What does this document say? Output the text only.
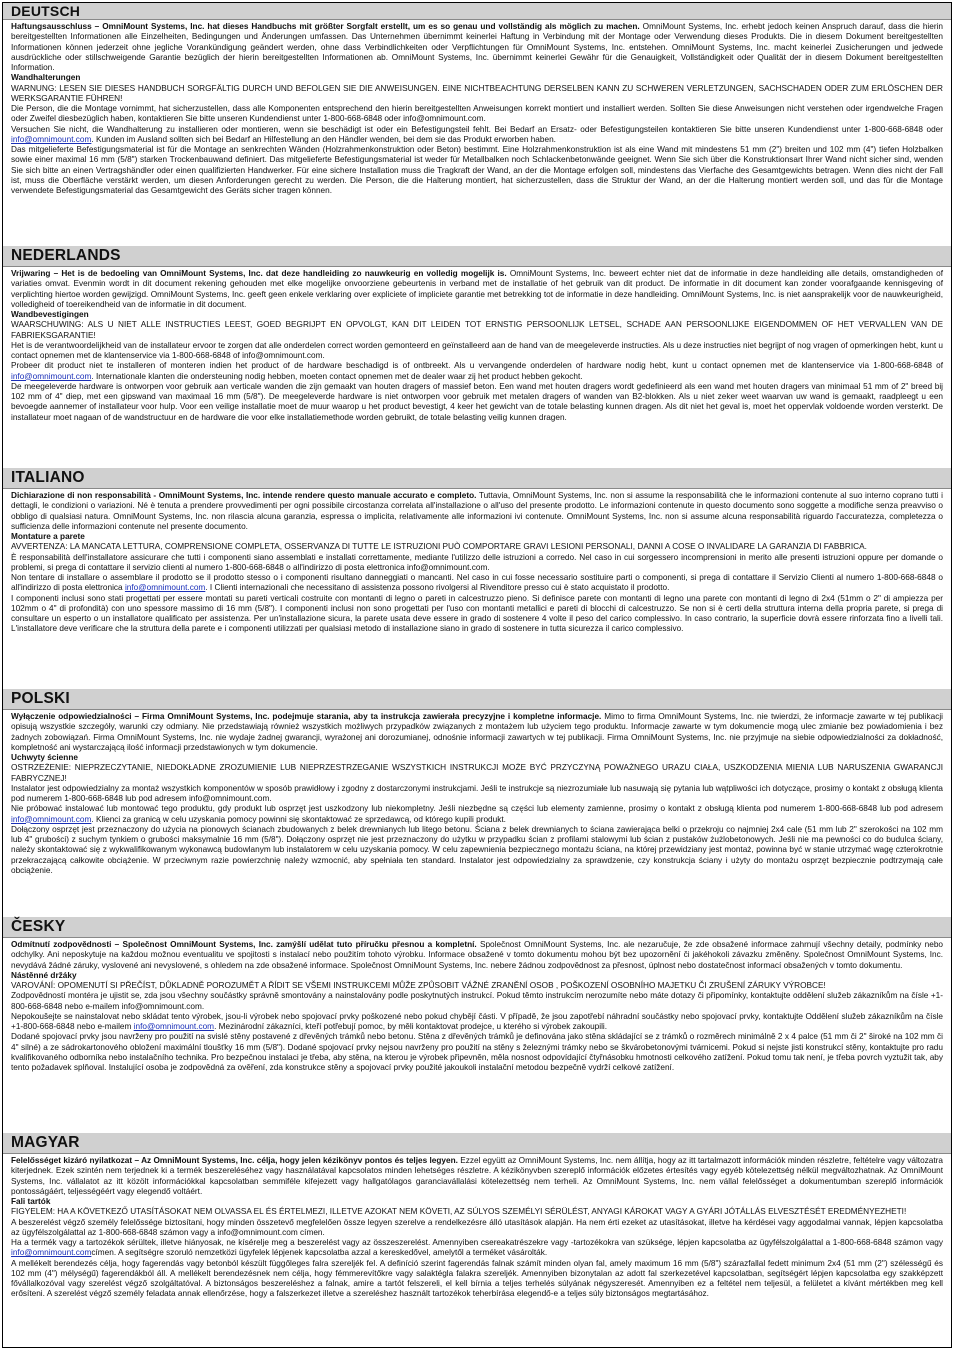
DEUTSCH

Haftungsausschluss – OmniMount Systems, Inc. hat dieses Handbuchs mit größter Sorgfalt erstellt, um es so genau und vollständig als möglich zu machen. OmniMount Systems, Inc. erhebt jedoch keinen Anspruch darauf, dass die hierin bereitgestellten Informationen alle Einzelheiten, Bedingungen und Änderungen umfassen. Das Unternehmen übernimmt keinerlei Haftung in Verbindung mit der Montage oder Verwendung dieses Produkts. Die in diesem Dokument bereitgestellten Informationen können jederzeit ohne jegliche Vorankündigung geändert werden, ohne dass Verbindlichkeiten oder Verpflichtungen für OmniMount Systems, Inc. entstehen. OmniMount Systems, Inc. macht keinerlei Zusicherungen und jedwede ausdrückliche oder stillschweigende Garantie bezüglich der hierin bereitgestellten Informationen ab. OmniMount Systems, Inc. übernimmt keinerlei Gewähr für die Genauigkeit, Vollständigkeit oder Qualität der in diesem Dokument bereitgestellten Information.

Wandhalterungen

WARNUNG: LESEN SIE DIESES HANDBUCH SORGFÄLTIG DURCH UND BEFOLGEN SIE DIE ANWEISUNGEN. EINE NICHTBEACHTUNG DERSELBEN KANN ZU SCHWEREN VERLETZUNGEN, SACHSCHADEN ODER ZUM ERLÖSCHEN DER WERKSGARANTIE FÜHREN!

Die Person, die die Montage vornimmt, hat sicherzustellen, dass alle Komponenten entsprechend den hierin bereitgestellten Anweisungen korrekt montiert und installiert werden. Sollten Sie diese Anweisungen nicht verstehen oder irgendwelche Fragen oder Zweifel diesbezüglich haben, kontaktieren Sie bitte unseren Kundendienst unter 1-800-668-6848 oder info@omnimount.com.

Versuchen Sie nicht, die Wandhalterung zu installieren oder montieren, wenn sie beschädigt ist oder ein Befestigungsteil fehlt. Bei Bedarf an Ersatz- oder Befestigungsteilen kontaktieren Sie bitte unseren Kundendienst unter 1-800-668-6848 oder info@omnimount.com. Kunden im Ausland sollten sich bei Bedarf an Hilfestellung an den Händler wenden, bei dem sie das Produkt erworben haben.

Das mitgelieferte Befestigungsmaterial ist für die Montage an senkrechten Wänden (Holzrahmenkonstruktion oder Beton) bestimmt. Eine Holzrahmenkonstruktion ist als eine Wand mit mindestens 51 mm (2") breiten und 102 mm (4") tiefen Holzbalken sowie einer maximal 16 mm (5/8") starken Trockenbauwand definiert. Das mitgelieferte Befestigungsmaterial ist weder für Metallbalken noch Schlackenbetonwände geeignet. Wenn Sie sich über die Konstruktionsart Ihrer Wand nicht sicher sind, wenden Sie sich bitte an einen Vertragshändler oder einen qualifizierten Handwerker. Für eine sichere Installation muss die Tragkraft der Wand, an der die Montage erfolgen soll, mindestens das Vierfache des Gesamtgewichts betragen. Wenn dies nicht der Fall ist, muss die Oberfläche verstärkt werden, um diesen Anforderungen gerecht zu werden. Die Person, die die Halterung montiert, hat sicherzustellen, dass die Struktur der Wand, an der die Halterung montiert werden soll, und das für die Montage verwendete Befestigungsmaterial das Gesamtgewicht des Geräts sicher tragen können.

NEDERLANDS

Vrijwaring – Het is de bedoeling van OmniMount Systems, Inc. dat deze handleiding zo nauwkeurig en volledig mogelijk is. OmniMount Systems, Inc. beweert echter niet dat de informatie in deze handleiding alle details, omstandigheden of variaties omvat. Evenmin wordt in dit document rekening gehouden met elke mogelijke onvoorziene gebeurtenis in verband met de installatie of het gebruik van dit product. De informatie in dit document kan zonder voorafgaande kennisgeving of verplichting hiertoe worden gewijzigd. OmniMount Systems, Inc. geeft geen enkele verklaring over expliciete of impliciete garantie met betrekking tot de informatie in deze handleiding. OmniMount Systems, Inc. is niet aansprakelijk voor de nauwkeurigheid, volledigheid of toereikendheid van de informatie in dit document.

Wandbevestigingen

WAARSCHUWING: ALS U NIET ALLE INSTRUCTIES LEEST, GOED BEGRIJPT EN OPVOLGT, KAN DIT LEIDEN TOT ERNSTIG PERSOONLIJK LETSEL, SCHADE AAN PERSOONLIJKE EIGENDOMMEN OF HET VERVALLEN VAN DE FABRIEKSGARANTIE!

Het is de verantwoordelijkheid van de installateur ervoor te zorgen dat alle onderdelen correct worden gemonteerd en geïnstalleerd aan de hand van de meegeleverde instructies. Als u deze instructies niet begrijpt of nog vragen of opmerkingen hebt, kunt u contact opnemen met de klantenservice via 1-800-668-6848 of info@omnimount.com.

Probeer dit product niet te installeren of monteren indien het product of de hardware beschadigd is of ontbreekt. Als u vervangende onderdelen of hardware nodig hebt, kunt u contact opnemen met de klantenservice via 1-800-668-6848 of info@omnimount.com. Internationale klanten die ondersteuning nodig hebben, moeten contact opnemen met de dealer waar zij het product hebben gekocht.

De meegeleverde hardware is ontworpen voor gebruik aan verticale wanden die zijn gemaakt van houten dragers of massief beton. Een wand met houten dragers wordt gedefinieerd als een wand met houten dragers van minimaal 51 mm of 2" breed bij 102 mm of 4" diep, met een gipswand van maximaal 16 mm (5/8"). De meegeleverde hardware is niet ontworpen voor gebruik met metalen dragers of wanden van B2-blokken. Als u niet zeker weet waarvan uw wand is gemaakt, raadpleegt u een bevoegde aannemer of installateur voor hulp. Voor een veilige installatie moet de muur waarop u het product bevestigt, 4 keer het gewicht van de totale belasting kunnen dragen. Als dit niet het geval is, moet het oppervlak voldoende worden versterkt. De installateur moet nagaan of de wandstructuur en de hardware die voor elke installatiemethode worden gebruikt, de totale belasting veilig kunnen dragen.

ITALIANO

Dichiarazione di non responsabilità - OmniMount Systems, Inc. intende rendere questo manuale accurato e completo. Tuttavia, OmniMount Systems, Inc. non si assume la responsabilità che le informazioni contenute al suo interno coprano tutti i dettagli, le condizioni o variazioni. Né è tenuta a prendere provvedimenti per ogni possibile circostanza correlata all'installazione o all'uso del presente prodotto. Le informazioni contenute in questo documento sono soggette a modifiche senza preavviso o obbligo di qualsiasi natura. OmniMount Systems, Inc. non rilascia alcuna garanzia, espressa o implicita, relativamente alle informazioni ivi contenute. OmniMount Systems, Inc. non si assume alcuna responsabilità riguardo l'accuratezza, completezza o sufficienza delle informazioni contenute nel presente documento.

Montature a parete

AVVERTENZA: LA MANCATA LETTURA, COMPRENSIONE COMPLETA, OSSERVANZA DI TUTTE LE ISTRUZIONI PUÒ COMPORTARE GRAVI LESIONI PERSONALI, DANNI A COSE O INVALIDARE LA GARANZIA DI FABBRICA.

È responsabilità dell'installatore assicurare che tutti i componenti siano assemblati e installati correttamente, mediante l'utilizzo delle istruzioni a corredo. Nel caso in cui sorgessero incomprensioni in merito alle presenti istruzioni oppure per domande o problemi, si prega di contattare il servizio clienti al numero 1-800-668-6848 o all'indirizzo di posta elettronica info@omnimount.com.

Non tentare di installare o assemblare il prodotto se il prodotto stesso o i componenti risultano danneggiati o mancanti. Nel caso in cui fosse necessario sostituire parti o componenti, si prega di contattare il Servizio Clienti al numero 1-800-668-6848 o all'indirizzo di posta elettronica info@omnimount.com. I Clienti internazionali che necessitano di assistenza possono rivolgersi al Rivenditore presso cui è stato acquistato il prodotto.

I componenti inclusi sono stati progettati per essere montati su pareti verticali costruite con montanti di legno o pareti in calcestruzzo pieno. Si definisce parete con montanti di legno una parete con montanti di legno di 2x4 (51mm o 2" di ampiezza per 102mm o 4" di profondità) con uno spessore massimo di 16 mm (5/8"). I componenti inclusi non sono progettati per l'uso con montanti metallici e pareti di blocchi di calcestruzzo. Se non si è certi della struttura interna della propria parete, si prega di consultare un esperto o un installatore qualificato per assistenza. Per un'installazione sicura, la parete usata deve essere in grado di sostenere 4 volte il peso del carico complessivo. In caso contrario, la superficie dovrà essere rinforzata fino a livelli tali. L'installatore deve verificare che la struttura della parete e i componenti utilizzati per qualsiasi metodo di installazione siano in grado di sostenere in tutta sicurezza il carico complessivo.

POLSKI

Wyłączenie odpowiedzialności – Firma OmniMount Systems, Inc. podejmuje starania, aby ta instrukcja zawierała precyzyjne i kompletne informacje. Mimo to firma OmniMount Systems, Inc. nie twierdzi, że informacje zawarte w tej publikacji opisują wszystkie szczegóły, warunki czy odmiany. Nie przedstawiają również wszystkich możliwych przypadków związanych z montażem lub użyciem tego produktu. Informacje zawarte w tym dokumencie mogą ulec zmianie bez powiadomienia i bez żadnych zobowiązań. Firma OmniMount Systems, Inc. nie wydaje żadnej gwarancji, wyrażonej ani dorozumianej, odnośnie informacji zawartych w tej publikacji. Firma OmniMount Systems, Inc. nie przyjmuje na siebie odpowiedzialności za dokładność, kompletność ani wystarczającą ilość informacji przedstawionych w tym dokumencie.

Uchwyty ścienne

OSTRZEŻENIE: NIEPRZECZYTANIE, NIEDOKŁADNE ZROZUMIENIE LUB NIEPRZESTRZEGANIE WSZYSTKICH INSTRUKCJI MOŻE BYĆ PRZYCZYNĄ POWAŻNEGO URAZU CIAŁA, USZKODZENIA MIENIA LUB NARUSZENIA GWARANCJI FABRYCZNEJ!

Instalator jest odpowiedzialny za montaż wszystkich komponentów w sposób prawidłowy i zgodny z dostarczonymi instrukcjami. Jeśli te instrukcje są niezrozumiałe lub nasuwają się pytania lub wątpliwości ich dotyczące, prosimy o kontakt z obsługą klienta pod numerem 1-800-668-6848 lub pod adresem info@omnimount.com.

Nie próbować instalować lub montować tego produktu, gdy produkt lub osprzęt jest uszkodzony lub niekompletny. Jeśli niezbędne są części lub elementy zamienne, prosimy o kontakt z obsługą klienta pod numerem 1-800-668-6848 lub pod adresem info@omnimount.com. Klienci za granicą w celu uzyskania pomocy powinni się skontaktować ze sprzedawcą, od którego kupili produkt.

Dołączony osprzęt jest przeznaczony do użycia na pionowych ścianach zbudowanych z belek drewnianych lub litego betonu. Ściana z belek drewnianych to ściana zawierająca belki o przekroju co najmniej 2x4 cale (51 mm lub 2" szerokości na 102 mm lub 4" grubości) z suchym tynkiem o grubości maksymalnie 16 mm (5/8"). Dołączony osprzęt nie jest przeznaczony do użytku w przypadku ścian z profilami stalowymi lub ścian z pustaków żużlobetonowych. Jeśli nie ma pewności co do budulca ściany, należy skontaktować się z wykwalifikowanym wykonawcą budowlanym lub instalatorem w celu uzyskania pomocy. W celu zapewnienia bezpiecznego montażu ściana, na której przewidziany jest montaż, powinna być w stanie utrzymać wagę czterokrotnie przekraczającą całkowite obciążenie. W przeciwnym razie powierzchnię należy wzmocnić, aby spełniała ten standard. Instalator jest odpowiedzialny za sprawdzenie, czy konstrukcja ściany i użyty do montażu osprzęt bezpiecznie podtrzymają całe obciążenie.

ČESKY

Odmítnutí zodpovědnosti – Společnost OmniMount Systems, Inc. zamýšlí udělat tuto příručku přesnou a kompletní. Společnost OmniMount Systems, Inc. ale nezaručuje, že zde obsažené informace zahrnují všechny detaily, podmínky nebo odchylky. Ani neposkytuje na každou možnou eventualitu ve spojitosti s instalací nebo použitím tohoto výrobku. Informace obsažené v tomto dokumentu mohou být bez upozornění či jakéhokoli závazku změněny. Společnost OmniMount Systems, Inc. nevydává žádné záruky, vyslovené ani nevyslovené, s ohledem na zde obsažené informace. Společnost OmniMount Systems, Inc. nebere žádnou zodpovědnost za přesnost, úplnost nebo dostatečnost informací obsažených v tomto dokumentu.

Nástěnné držáky

VAROVÁNÍ: OPOMENUTÍ SI PŘEČÍST, DŮKLADNĚ POROZUMĚT A ŘÍDIT SE VŠEMI INSTRUKCEMI MŮŽE ZPŮSOBIT VÁŽNÉ ZRANĚNÍ OSOB , POŠKOZENÍ OSOBNÍHO MAJETKU ČI ZRUŠENÍ ZÁRUKY VÝROBCE!

Zodpovědností montéra je ujistit se, zda jsou všechny součástky správně smontovány a nainstalovány podle poskytnutých instrukcí. Pokud těmto instrukcím nerozumíte nebo máte dotazy či připomínky, kontaktujte oddělení služeb zákazníkům na čísle +1-800-668-6848 nebo e-mailem info@omnimount.com.

Nepokoušejte se nainstalovat nebo skládat tento výrobek, jsou-li výrobek nebo spojovací prvky poškozené nebo pokud chybějí části. V případě, že jsou zapotřebí náhradní součástky nebo spojovací prvky, kontaktujte Oddělení služeb zákazníkům na čísle +1-800-668-6848 nebo e-mailem info@omnimount.com. Mezinárodní zákazníci, kteří potřebují pomoc, by měli kontaktovat prodejce, u kterého si výrobek zakoupili.

Dodané spojovací prvky jsou navrženy pro použití na svislé stěny postavené z dřevěných trámků nebo betonu. Stěna z dřevěných trámků je definována jako stěna skládající se z trámků o rozměrech minimálně 2 x 4 palce (51 mm či 2" široké na 102 mm či 4" silné) a ze sádrokartonového obložení maximální tloušťky 16 mm (5/8"). Dodané spojovací prvky nejsou navrženy pro použití na stěny s železnými trámky nebo se škvárobetonovými tvárnicemi. Pokud si nejste jisti konstrukcí stěny, kontaktujte pro radu kvalifikovaného odborníka nebo instalačního technika. Pro bezpečnou instalaci je třeba, aby stěna, na kterou je výrobek připevněn, měla nosnost odpovídající čtyřnásobku hmotnosti celkového zatížení. Pokud tomu tak není, je třeba povrch vyztužit tak, aby tento požadavek splňoval. Instalující osoba je zodpovědná za ověření, zda konstrukce stěny a spojovací prvky použité jakoukoli instalační metodou bezpečně vydrží celkové zatížení.

MAGYAR

Felelősséget kizáró nyilatkozat – Az OmniMount Systems, Inc. célja, hogy jelen kézikönyv pontos és teljes legyen. Ezzel együtt az OmniMount Systems, Inc. nem állítja, hogy az itt tartalmazott információk minden részletre, feltételre vagy változatra kiterjednek. Ezek szintén nem terjednek ki a termék beszereléséhez vagy használatával kapcsolatos minden lehetséges részletre. A kézikönyvben szereplő információk előzetes értesítés vagy egyéb kötelezettség nélkül megváltozhatnak. Az OmniMount Systems, Inc. vállalatot az itt közölt információkkal kapcsolatban semmiféle kifejezett vagy hallgatólagos garanciavállalási kötelezettség nem terheli. Az OmniMount Systems, Inc. nem vállal felelősséget a dokumentumban szereplő információk pontosságáért, teljességéért vagy elegendő voltáért.

Fali tartók

FIGYELEM: HA A KÖVETKEZŐ UTASÍTÁSOKAT NEM OLVASSA EL ÉS ÉRTELMEZI, ILLETVE AZOKAT NEM KÖVETI, AZ SÚLYOS SZEMÉLYI SÉRÜLÉST, ANYAGI KÁROKAT VAGY A GYÁRI JÓTÁLLÁS ELVESZTÉSÉT EREDMÉNYEZHETI!

A beszerelést végző személy felelőssége biztosítani, hogy minden összetevő megfelelően össze legyen szerelve a rendelkezésre álló utasítások alapján. Ha nem érti ezeket az utasításokat, illetve ha kérdései vagy aggodalmai vannak, lépjen kapcsolatba az ügyfélszolgálattal az 1-800-668-6848 számon vagy a info@omnimount.com címen.

Ha a termék vagy a tartozékok sérültek, illetve hiányosak, ne kísérelje meg a beszerelést vagy az összeszerelést. Amennyiben csereakatrészekre vagy -tartozékokra van szüksége, lépjen kapcsolatba az ügyfélszolgálattal a 1-800-668-6848 számon vagy info@omnimount.comcímen. A segítségre szoruló nemzetközi ügyfelek lépjenek kapcsolatba azzal a kereskedővel, amelytől a terméket vásárolták.

A mellékelt berendezés célja, hogy fagerendás vagy betonból készült függőleges falra szereljék fel. A definíció szerint fagerendás falnak számít minden olyan fal, amely maximum 16 mm (5/8") szárazfallal fedett minimum 2x4 (51 mm (2") szélességű és 102 mm (4") mélységű) fagerendákból áll. A mellékelt berendezésnek nem célja, hogy fémmerevítőkre vagy salaktégla falakra szereljék. Amennyiben bizonytalan az adott fal szerkezetével kapcsolatban, segítségért lépjen kapcsolatba egy szakképzett fővállalkozóval vagy szerelést végző szolgáltatóval. A biztonságos beszereléshez a falnak, amire a tartót felszereli, el kell bírnia a teljes terhelés súlyának négyszeresét. Amennyiben ez a feltétel nem teljesül, a felületet a kívánt mértékben meg kell erősíteni. A szerelést végző személy feladata annak ellenőrzése, hogy a falszerkezet illetve a szereléshez használt tartozékok teherbírása elegendő-e a teljes súly biztonságos megtartásához.
